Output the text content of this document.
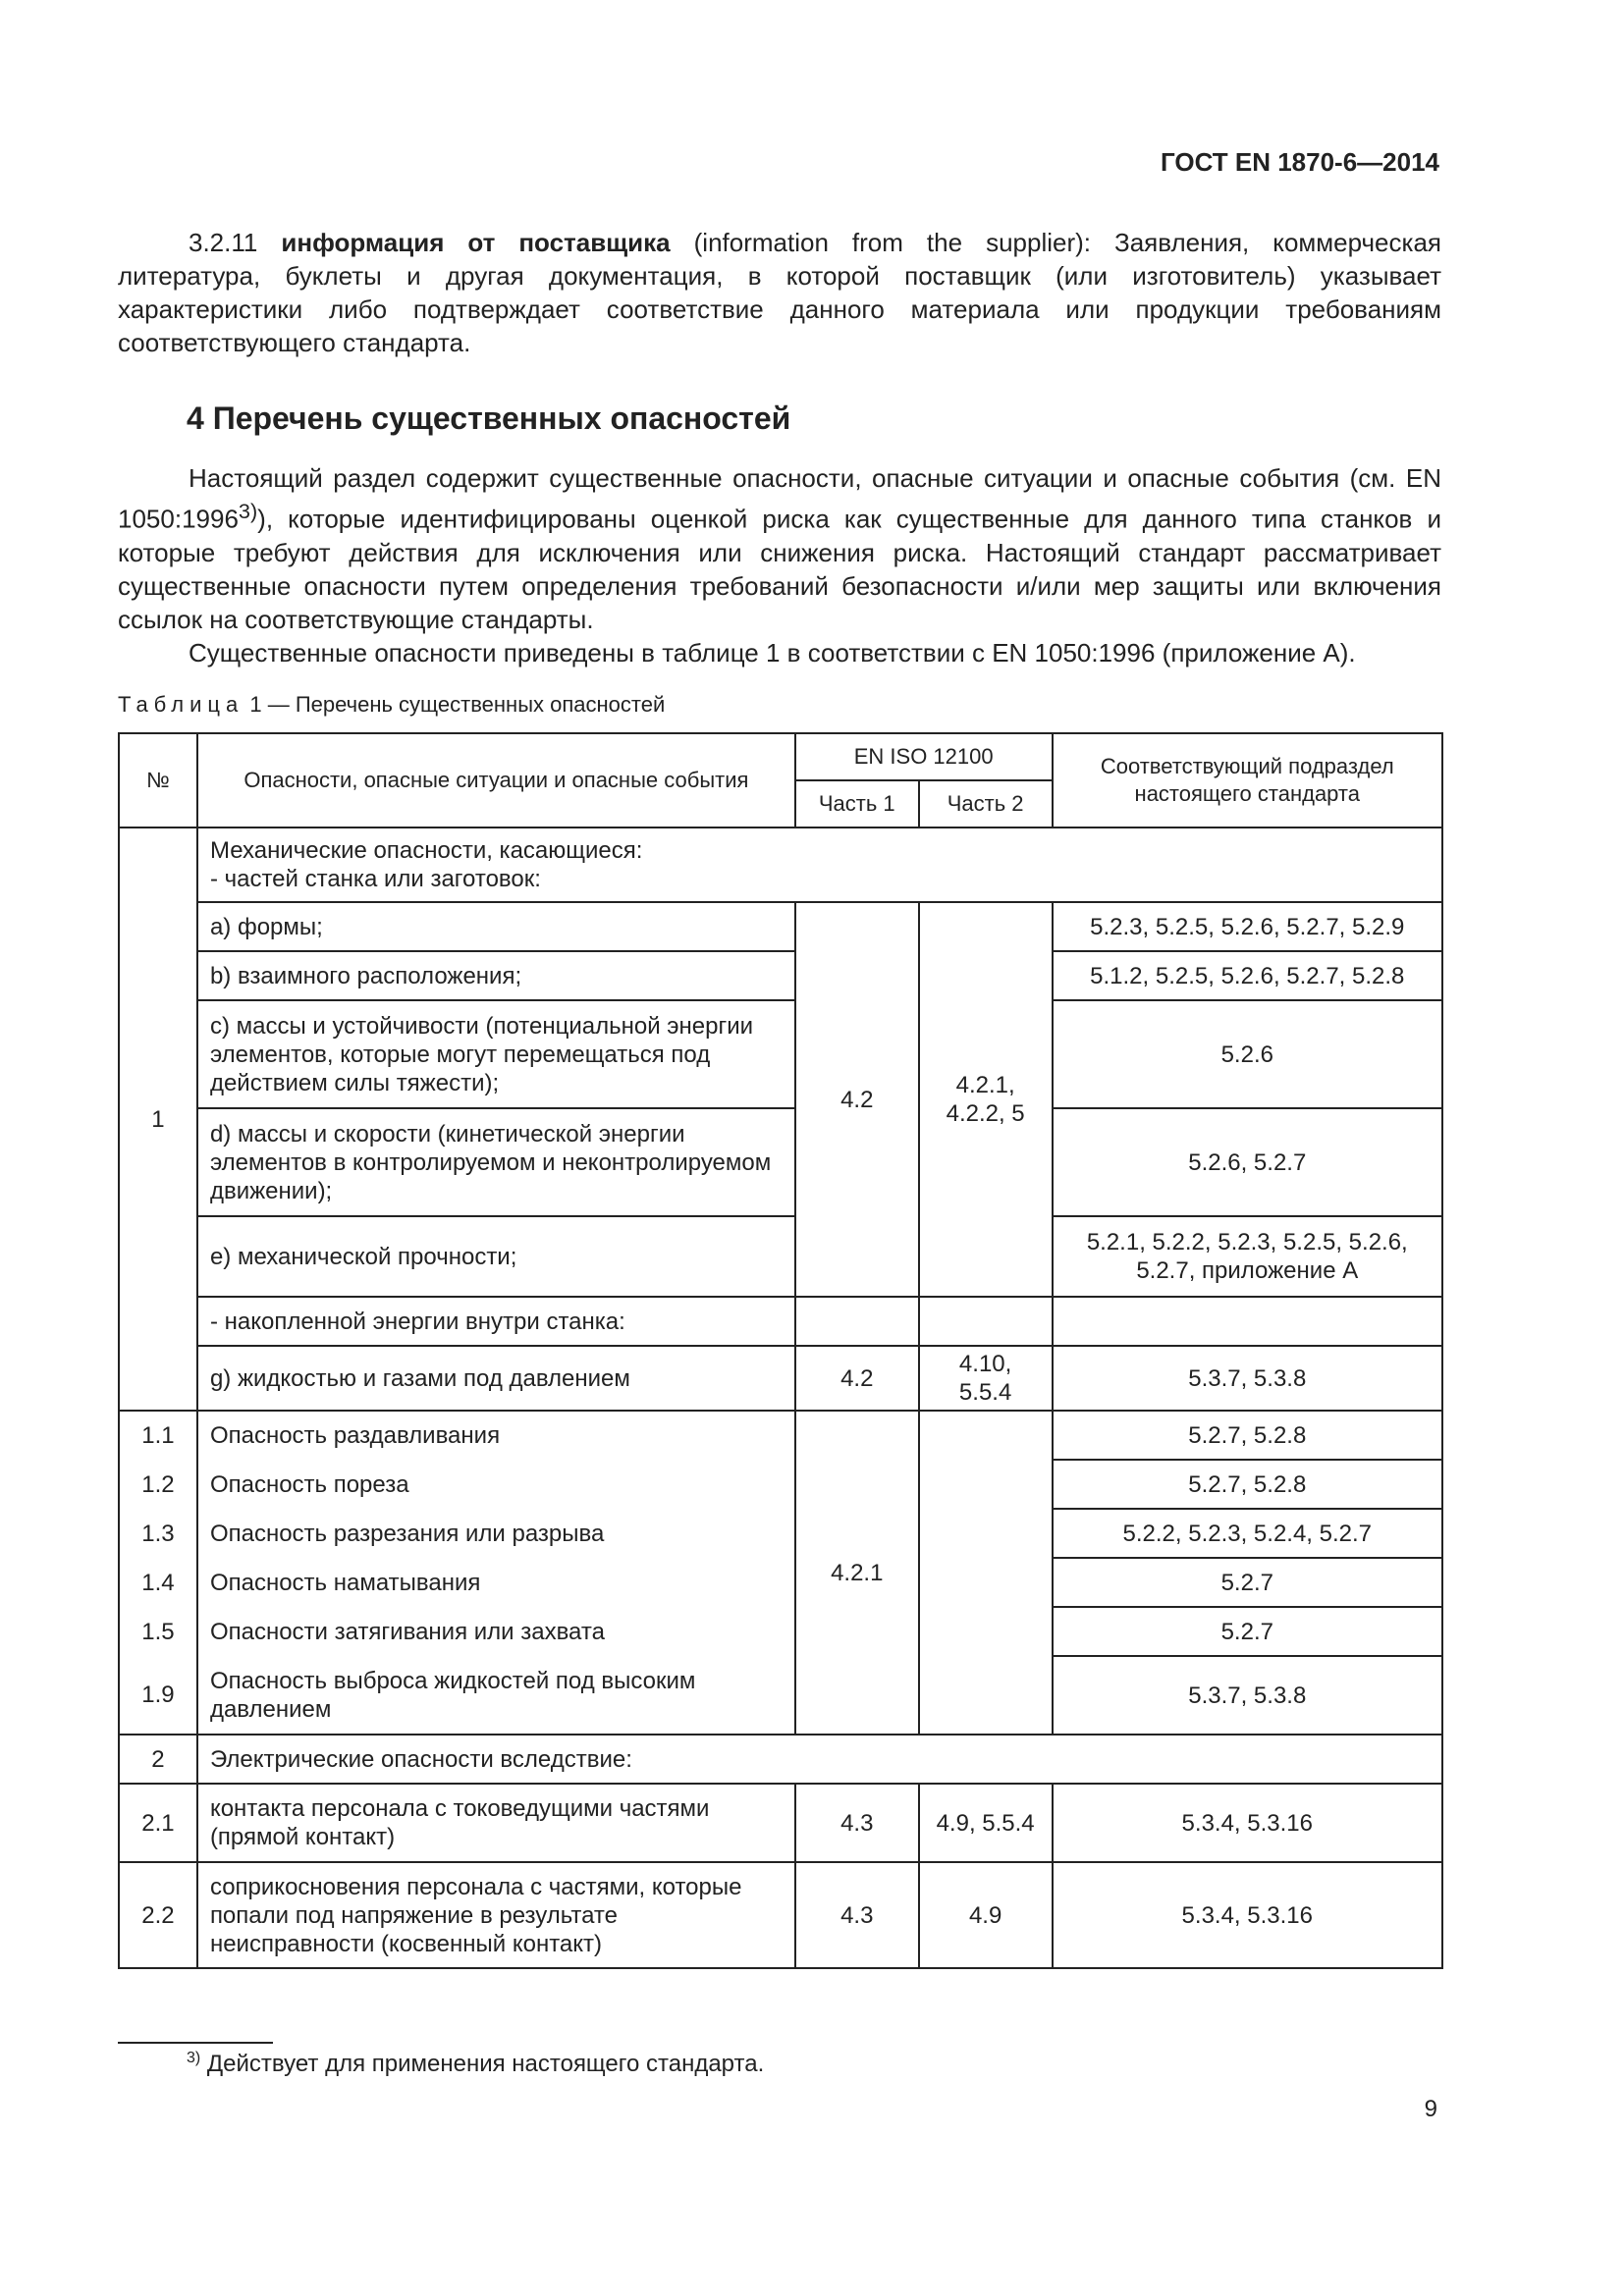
ГОСТ EN 1870-6—2014

3.2.11 информация от поставщика (information from the supplier): Заявления, коммерческая литература, буклеты и другая документация, в которой поставщик (или изготовитель) указывает характеристики либо подтверждает соответствие данного материала или продукции требованиям соответствующего стандарта.

4 Перечень существенных опасностей

Настоящий раздел содержит существенные опасности, опасные ситуации и опасные события (см. EN 1050:1996$^{3)}$), которые идентифицированы оценкой риска как существенные для данного типа станков и которые требуют действия для исключения или снижения риска. Настоящий стандарт рассматривает существенные опасности путем определения требований безопасности и/или мер защиты или включения ссылок на соответствующие стандарты.

Существенные опасности приведены в таблице 1 в соответствии с EN 1050:1996 (приложение А).

Таблица 1 — Перечень существенных опасностей
№	Опасности, опасные ситуации и опасные события	EN ISO 12100		Соответствующий подраздел настоящего стандарта
		Часть 1	Часть 2	
1	Механические опасности, касающиеся:
- частей станка или заготовок:			

	а) формы;	4.2	4.2.1, 4.2.2, 5	5.2.3, 5.2.5, 5.2.6, 5.2.7, 5.2.9
	b) взаимного расположения;			5.1.2, 5.2.5, 5.2.6, 5.2.7, 5.2.8
	с) массы и устойчивости (потенциальной энергии элементов, которые могут перемещаться под действием силы тяжести);			5.2.6
	d) массы и скорости (кинетической энергии элементов в контролируемом и неконтролируемом движении);			5.2.6, 5.2.7
	е) механической прочности;			5.2.1, 5.2.2, 5.2.3, 5.2.5, 5.2.6, 5.2.7, приложение А
	- накопленной энергии внутри станка:			
	g) жидкостью и газами под давлением	4.2	4.10, 5.5.4	5.3.7, 5.3.8
1.1	Опасность раздавливания	4.2.1		5.2.7, 5.2.8
1.2	Опасность пореза			5.2.7, 5.2.8
1.3	Опасность разрезания или разрыва			5.2.2, 5.2.3, 5.2.4, 5.2.7
1.4	Опасность наматывания			5.2.7
1.5	Опасности затягивания или захвата			5.2.7
1.9	Опасность выброса жидкостей под высоким давлением			5.3.7, 5.3.8
2	Электрические опасности вследствие:			
2.1	контакта персонала с токоведущими частями (прямой контакт)	4.3	4.9, 5.5.4	5.3.4, 5.3.16
2.2	соприкосновения персонала с частями, которые попали под напряжение в результате неисправности (косвенный контакт)	4.3	4.9	5.3.4, 5.3.16
$^{3)}$ Действует для применения настоящего стандарта.
9
